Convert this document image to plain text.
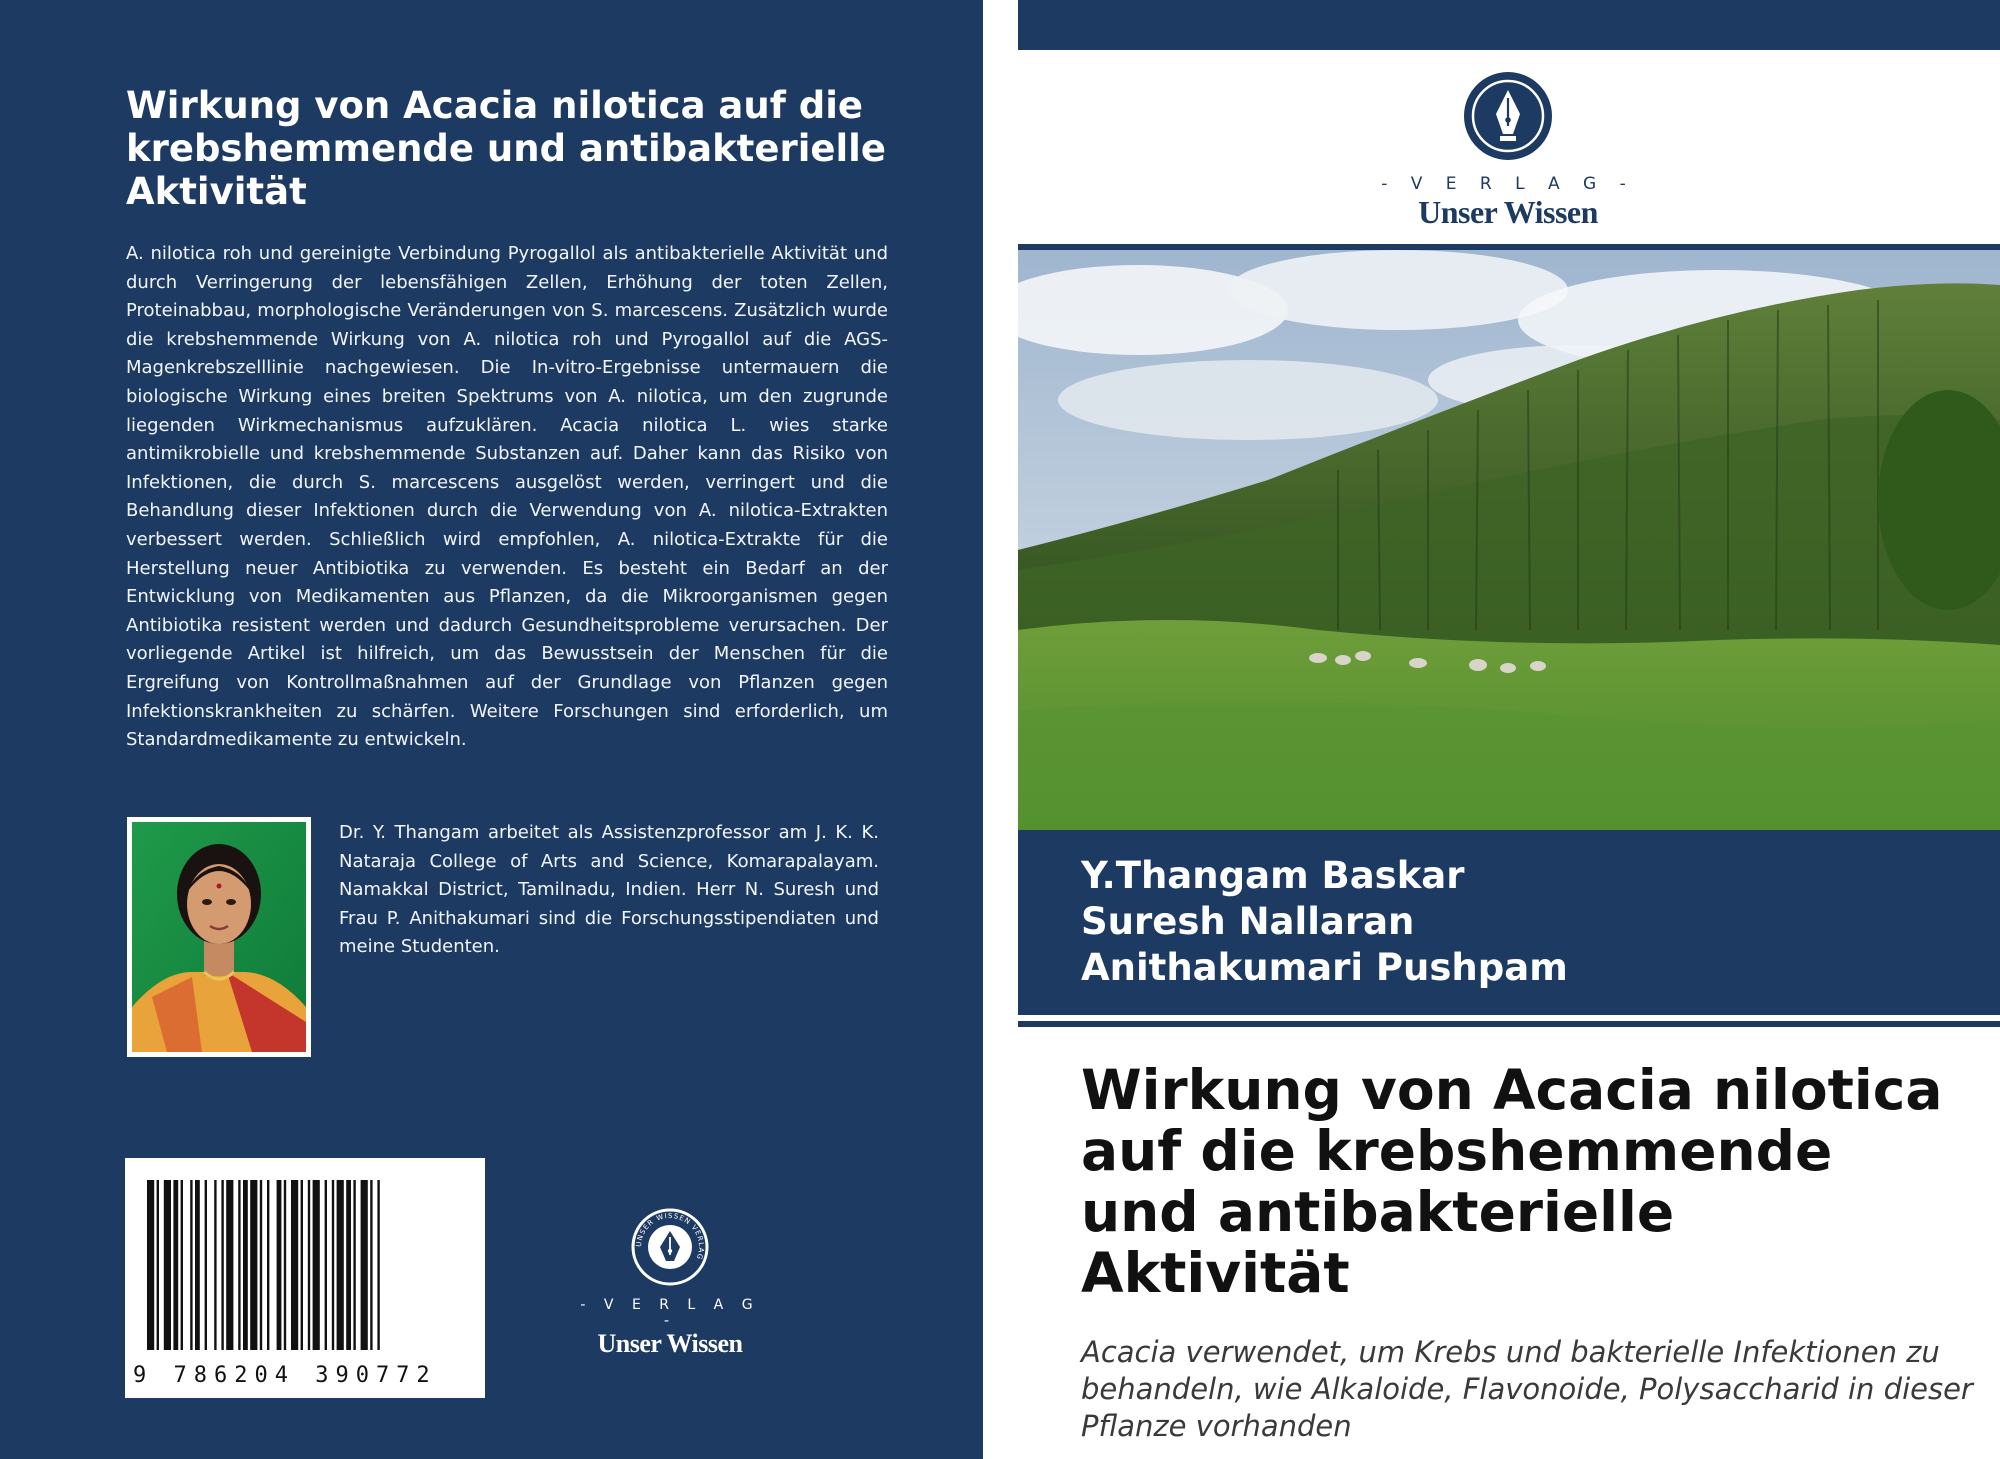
Wirkung von Acacia nilotica auf die krebshemmende und antibakterielle Aktivität

A. nilotica roh und gereinigte Verbindung Pyrogallol als antibakterielle Aktivität und durch Verringerung der lebensfähigen Zellen, Erhöhung der toten Zellen, Proteinabbau, morphologische Veränderungen von S. marcescens. Zusätzlich wurde die krebshemmende Wirkung von A. nilotica roh und Pyrogallol auf die AGS-Magenkrebszelllinie nachgewiesen. Die In-vitro-Ergebnisse untermauern die biologische Wirkung eines breiten Spektrums von A. nilotica, um den zugrunde liegenden Wirkmechanismus aufzuklären. Acacia nilotica L. wies starke antimikrobielle und krebshemmende Substanzen auf. Daher kann das Risiko von Infektionen, die durch S. marcescens ausgelöst werden, verringert und die Behandlung dieser Infektionen durch die Verwendung von A. nilotica-Extrakten verbessert werden. Schließlich wird empfohlen, A. nilotica-Extrakte für die Herstellung neuer Antibiotika zu verwenden. Es besteht ein Bedarf an der Entwicklung von Medikamenten aus Pflanzen, da die Mikroorganismen gegen Antibiotika resistent werden und dadurch Gesundheitsprobleme verursachen. Der vorliegende Artikel ist hilfreich, um das Bewusstsein der Menschen für die Ergreifung von Kontrollmaßnahmen auf der Grundlage von Pflanzen gegen Infektionskrankheiten zu schärfen. Weitere Forschungen sind erforderlich, um Standardmedikamente zu entwickeln.

Dr. Y. Thangam arbeitet als Assistenzprofessor am J. K. K. Nataraja College of Arts and Science, Komarapalayam. Namakkal District, Tamilnadu, Indien. Herr N. Suresh und Frau P. Anithakumari sind die Forschungsstipendiaten und meine Studenten.

9 786204 390772
UNSER WISSEN VERLAG
- V E R L A G -
Unser Wissen
- V E R L A G -
Unser Wissen

Y.Thangam Baskar

Suresh Nallaran

Anithakumari Pushpam

Wirkung von Acacia nilotica auf die krebshemmende und antibakterielle Aktivität

Acacia verwendet, um Krebs und bakterielle Infektionen zu behandeln, wie Alkaloide, Flavonoide, Polysaccharid in dieser Pflanze vorhanden
